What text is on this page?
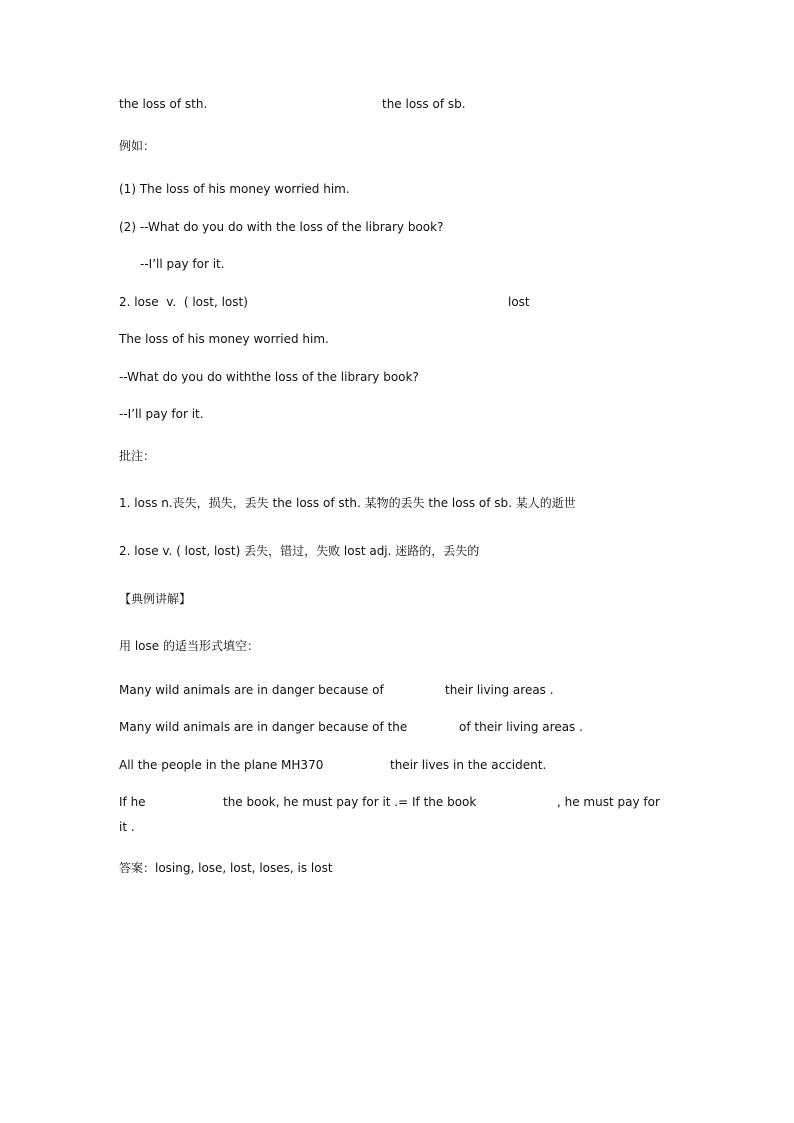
the loss of sth.	the loss of sb.
例如：
(1) The loss of his money worried him.
(2) --What do you do with the loss of the library book?
--I’ll pay for it.
2. lose  v.  ( lost, lost)	lost
The loss of his money worried him.
--What do you do withthe loss of the library book?
--I’ll pay for it.
批注：
1. loss n.丧失，损失，丢失 the loss of sth. 某物的丢失 the loss of sb. 某人的逝世
2. lose v. ( lost, lost) 丢失，错过，失败 lost adj. 迷路的，丢失的
【典例讲解】
用 lose 的适当形式填空：
Many wild animals are in danger because of	their living areas .
Many wild animals are in danger because of the	of their living areas .
All the people in the plane MH370	their lives in the accident.
If he	the book, he must pay for it .= If the book	, he must pay for
it .
答案：losing, lose, lost, loses, is lost
